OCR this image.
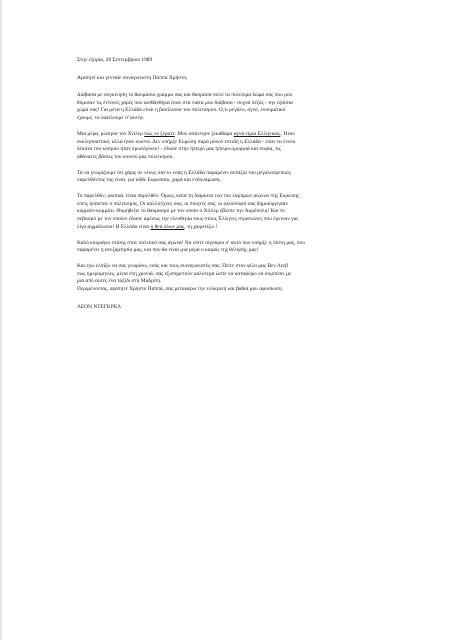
Στην εξορία, 28 Σεπτεμβρίου 1989
Αγαπητέ και γενναίε συναγωνιστή Παππά Χρήστο,
Διάβασα με συγκίνηση το θαυμάσιο γράμμα σας και θαύμασα πολύ τα πολύτιμα δώρα σας που μου
θύμισαν τις έντονες χαρές που αισθάνθηκα όταν στα νιάτα μου διάβασα - συχνά πεζός - την εξαίσια
χώρα σας! Για μένα η Ελλάδα είναι η βασίλισσα του πολιτισμού. Ο,τι μεγάλο, αγνό, ενσυματικό
έχουμε, το οφείλουμε σ' αυτήν.
Μια μέρα, ρώτησα τον Χίτλερ πώς το ξέρατε. Μου απάντησε ξεκάθαρα αγνά είμαι Ελληνικός. Ήταν
εκκλησιαστικό, αλλά ήταν σωστό. Δεν υπήρξε Ευρώπη παρά μόνον επειδή η Ελλάδα - όταν το εννέα
δέκατα του κόσμου ήταν πρωτόγονοι! - έδωσε στην ήπειρό μας ήπειρο ομορφιά και σοφία, τις
αθάνατες βάσεις του κοινού μας πολιτισμού.
Τα να γνωρίζουμε ότι χάρις σε νέους σαν κι εσάς η Ελλάδα παραμένει αντάξια του μεγαλοπρεπούς
παρελθόντος της είναι, για κάθε Ευρωπαίο, χαρά και ενδυνάμωση.
Το παρελθόν, φυσικά, είναι παρελθόν. Όμως, κατά τη διάρκεια των πιο λαμπρών αιώνων της Ευρώπης
εσείς ήσασταν ο πολιτισμός. Οι καλλιτέχνες σας, οι ποιητές σας, οι φιλόσοφοί σας δημιούργησαν
κομμάτι-κομμάτι. Θυμηθείτε το θαυμασμό με τον οποίο ο Χίτλερ έβλεπε την Ακρόπολη! Και το
σεβασμό με τον οποίον έδωσε αμέσως την ελευθερία τους στους Έλληνες στρατιώτες που έμειναν για
λίγο αιχμάλωτοι! Η Ελλάδα είναι η θεά όλων μας, τη χαιρετίζω !
Καλό κουράγιο επίσης στον πολιτικό σας αγώνα! Να είστε σίγουροι σ' αυτό που υπήρξε η πίστη μας, που
παραμένει η ανεξαρτησία μας, και που θα είναι μια μέρα ο καιρός της θέλησής μας!
Και εγώ ελπίζω να σας γνωρίσω, εσάς και τους συναγωνιστές σας. Πείτε στον φίλο μας Βεν Λεεβ
πως ημερομηνίες, μέσα στη χρονιά, σας εξυπηρετούν καλύτερα ώστε να καταφέρω να συμπέσει με
μια από αυτές ένα ταξίδι στη Μαδρίτη.
Περιμένοντας, αγαπητέ Χρήστο Παππά, σας μεταφέρω την ειλικρινή και βαθιά μου αφοσίωση.
ΛΕΟΝ ΝΤΕΓΚΡΕΛ
